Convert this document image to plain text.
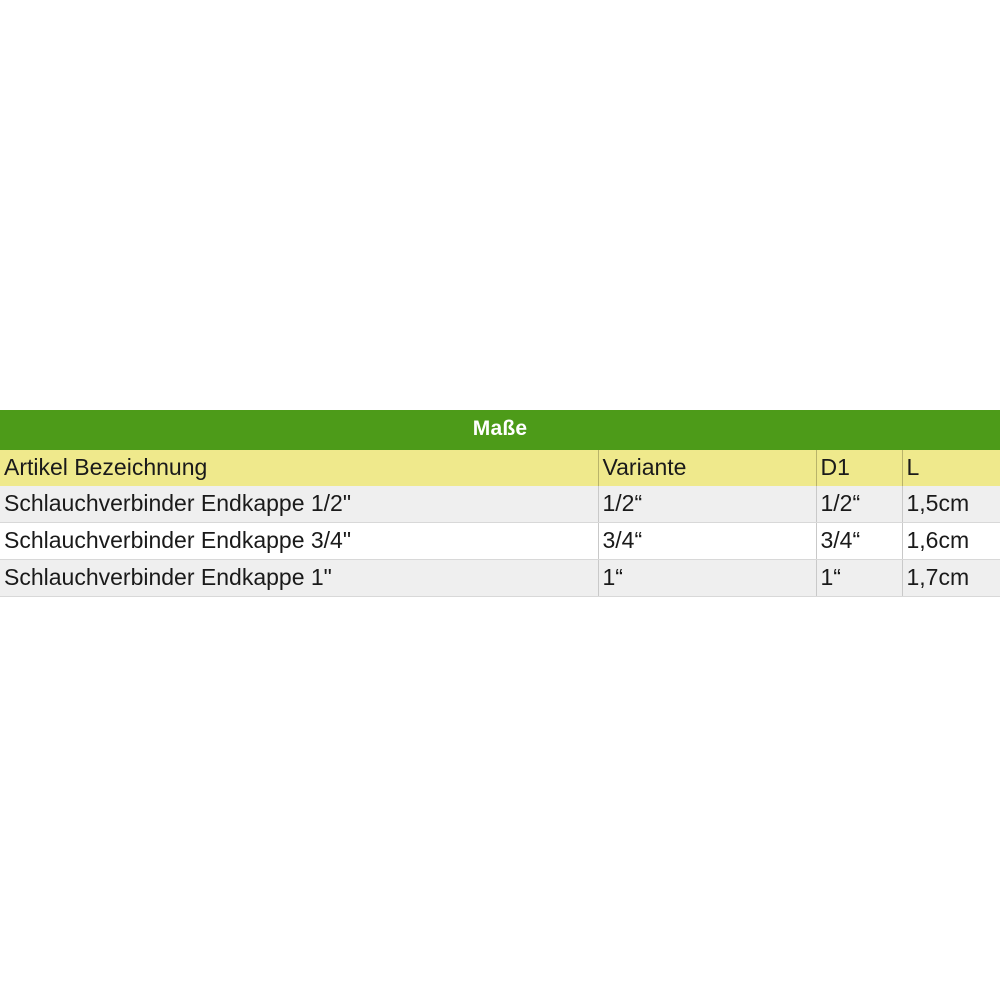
Maße			
Artikel Bezeichnung	Variante	D1	L
Schlauchverbinder Endkappe 1/2"	1/2“	1/2“	1,5cm
Schlauchverbinder Endkappe 3/4"	3/4“	3/4“	1,6cm
Schlauchverbinder Endkappe 1"	1“	1“	1,7cm
